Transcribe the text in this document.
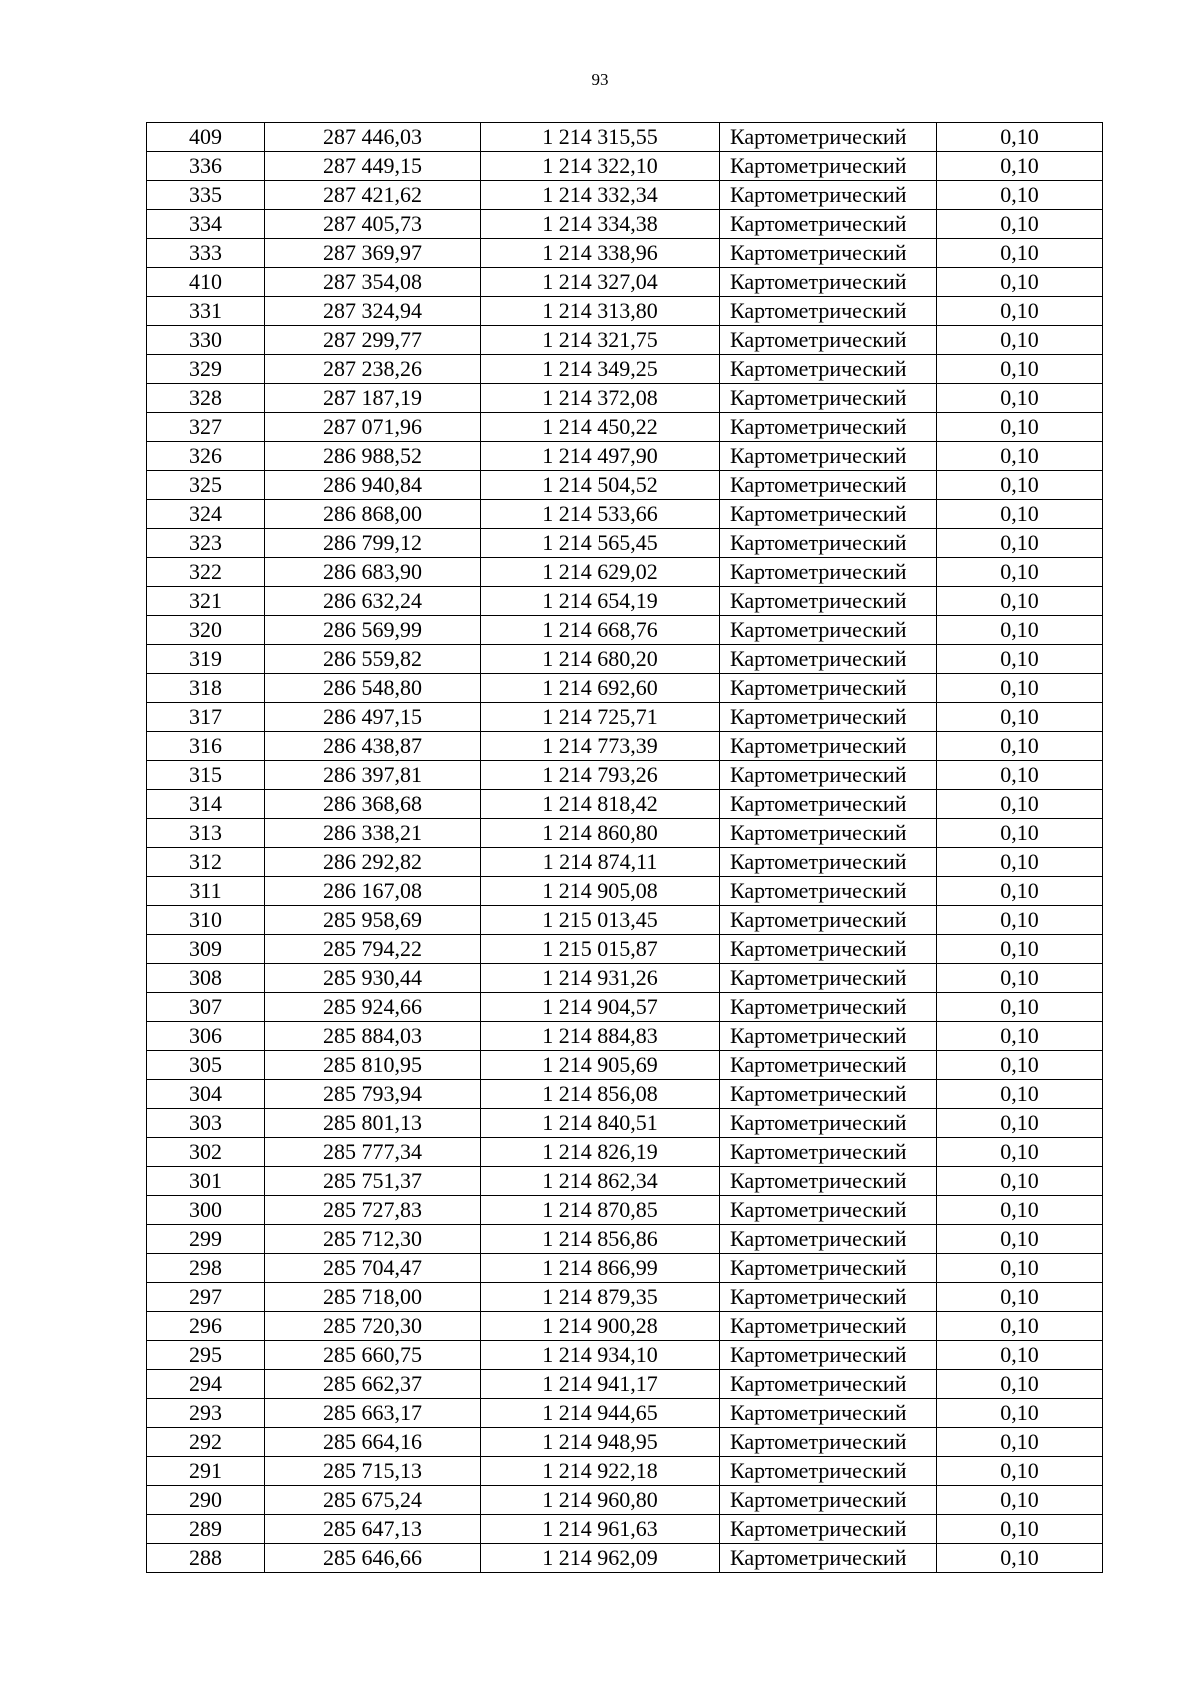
93
409	287 446,03	1 214 315,55	Картометрический	0,10
336	287 449,15	1 214 322,10	Картометрический	0,10
335	287 421,62	1 214 332,34	Картометрический	0,10
334	287 405,73	1 214 334,38	Картометрический	0,10
333	287 369,97	1 214 338,96	Картометрический	0,10
410	287 354,08	1 214 327,04	Картометрический	0,10
331	287 324,94	1 214 313,80	Картометрический	0,10
330	287 299,77	1 214 321,75	Картометрический	0,10
329	287 238,26	1 214 349,25	Картометрический	0,10
328	287 187,19	1 214 372,08	Картометрический	0,10
327	287 071,96	1 214 450,22	Картометрический	0,10
326	286 988,52	1 214 497,90	Картометрический	0,10
325	286 940,84	1 214 504,52	Картометрический	0,10
324	286 868,00	1 214 533,66	Картометрический	0,10
323	286 799,12	1 214 565,45	Картометрический	0,10
322	286 683,90	1 214 629,02	Картометрический	0,10
321	286 632,24	1 214 654,19	Картометрический	0,10
320	286 569,99	1 214 668,76	Картометрический	0,10
319	286 559,82	1 214 680,20	Картометрический	0,10
318	286 548,80	1 214 692,60	Картометрический	0,10
317	286 497,15	1 214 725,71	Картометрический	0,10
316	286 438,87	1 214 773,39	Картометрический	0,10
315	286 397,81	1 214 793,26	Картометрический	0,10
314	286 368,68	1 214 818,42	Картометрический	0,10
313	286 338,21	1 214 860,80	Картометрический	0,10
312	286 292,82	1 214 874,11	Картометрический	0,10
311	286 167,08	1 214 905,08	Картометрический	0,10
310	285 958,69	1 215 013,45	Картометрический	0,10
309	285 794,22	1 215 015,87	Картометрический	0,10
308	285 930,44	1 214 931,26	Картометрический	0,10
307	285 924,66	1 214 904,57	Картометрический	0,10
306	285 884,03	1 214 884,83	Картометрический	0,10
305	285 810,95	1 214 905,69	Картометрический	0,10
304	285 793,94	1 214 856,08	Картометрический	0,10
303	285 801,13	1 214 840,51	Картометрический	0,10
302	285 777,34	1 214 826,19	Картометрический	0,10
301	285 751,37	1 214 862,34	Картометрический	0,10
300	285 727,83	1 214 870,85	Картометрический	0,10
299	285 712,30	1 214 856,86	Картометрический	0,10
298	285 704,47	1 214 866,99	Картометрический	0,10
297	285 718,00	1 214 879,35	Картометрический	0,10
296	285 720,30	1 214 900,28	Картометрический	0,10
295	285 660,75	1 214 934,10	Картометрический	0,10
294	285 662,37	1 214 941,17	Картометрический	0,10
293	285 663,17	1 214 944,65	Картометрический	0,10
292	285 664,16	1 214 948,95	Картометрический	0,10
291	285 715,13	1 214 922,18	Картометрический	0,10
290	285 675,24	1 214 960,80	Картометрический	0,10
289	285 647,13	1 214 961,63	Картометрический	0,10
288	285 646,66	1 214 962,09	Картометрический	0,10
